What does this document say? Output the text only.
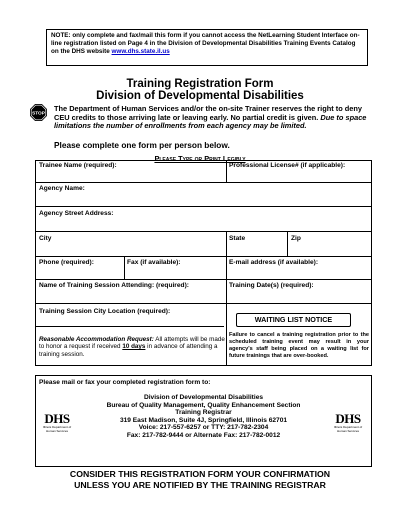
NOTE: only complete and fax/mail this form if you cannot access the NetLearning Student Interface on-line registration listed on Page 4 in the Division of Developmental Disabilities Training Events Catalog on the DHS website www.dhs.state.il.us
Training Registration Form
Division of Developmental Disabilities
STOP
The Department of Human Services and/or the on-site Trainer reserves the right to deny CEU credits to those arriving late or leaving early. No partial credit is given. Due to space limitations the number of enrollments from each agency may be limited.
Please complete one form per person below.
Please Type or Print Legibly
Trainee Name (required):	Professional License# (if applicable):
Agency Name:
Agency Street Address:
City	State	Zip
Phone (required):	Fax (if available):	E-mail address (if available):
Name of Training Session Attending: (required):	Training Date(s) (required):
Training Session City Location (required):
Reasonable Accommodation Request: All attempts will be made to honor a request if received 10 days in advance of attending a training session.
WAITING LIST NOTICE
Failure to cancel a training registration prior to the scheduled training event may result in your agency's staff being placed on a waiting list for future trainings that are over-booked.
Please mail or fax your completed registration form to:
DHS
Illinois Department of Human Services
DHS
Illinois Department of Human Services
Division of Developmental Disabilities
Bureau of Quality Management, Quality Enhancement Section
Training Registrar
319 East Madison, Suite 4J, Springfield, Illinois 62701
Voice: 217-557-6257 or TTY: 217-782-2304
Fax: 217-782-9444 or Alternate Fax: 217-782-0012
CONSIDER THIS REGISTRATION FORM YOUR CONFIRMATION
UNLESS YOU ARE NOTIFIED BY THE TRAINING REGISTRAR
